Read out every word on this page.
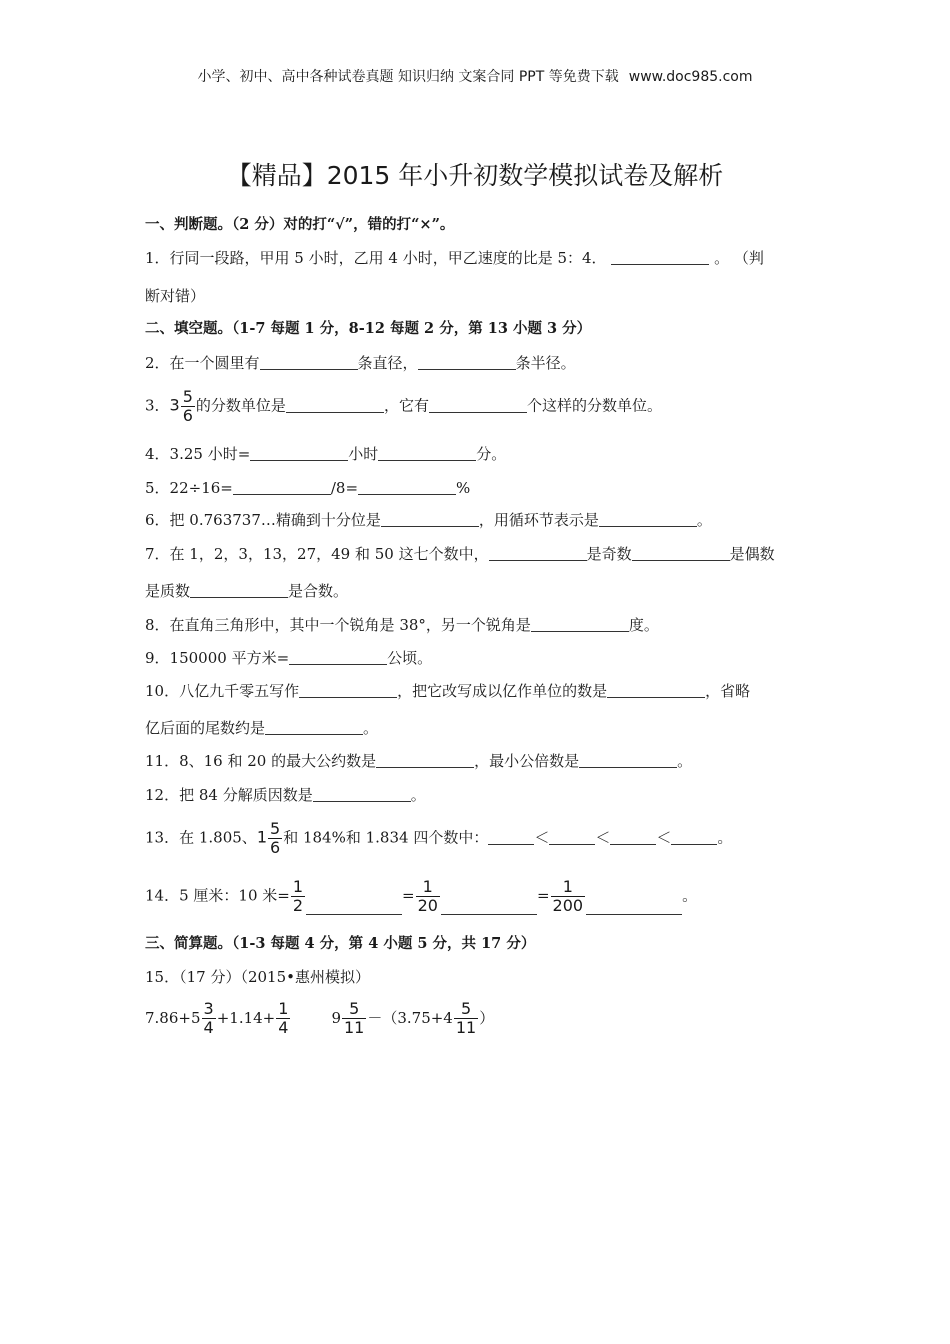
小学、初中、高中各种试卷真题 知识归纳 文案合同 PPT 等免费下载 www.doc985.com
【精品】2015 年小升初数学模拟试卷及解析
一、判断题。（2 分）对的打“√”，错的打“×”。
1．行同一段路，甲用 5 小时，乙用 4 小时，甲乙速度的比是 5：4．	。 （判
断对错）
二、填空题。（1-7 每题 1 分，8-12 每题 2 分，第 13 小题 3 分）
2．在一个圆里有	条直径，	条半径。
3．$3 \frac{5}{6}$ 的分数单位是	，它有	个这样的分数单位。
4．3.25 小时=	小时	分。
5．22÷16=	/8=	%
6．把 0.763737…精确到十分位是	，用循环节表示是	。
7．在 1，2，3，13，27，49 和 50 这七个数中，	是奇数	是偶数
是质数	是合数。
8．在直角三角形中，其中一个锐角是 38°，另一个锐角是	度。
9．150000 平方米=	公顷。
10．八亿九千零五写作	，把它改写成以亿作单位的数是	，省略
亿后面的尾数约是	。
11．8、16 和 20 的最大公约数是	，最小公倍数是	。
12．把 84 分解质因数是	。
13．在 1.805、$1 \frac{5}{6}$ 和 184%和 1.834 四个数中：	＜	＜	＜	。
14．5 厘米：10 米= $\frac{1}{2}$	= $\frac{1}{20}$	= $\frac{1}{200}$	。
三、简算题。（1-3 每题 4 分，第 4 小题 5 分，共 17 分）
15．（17 分）（2015•惠州模拟）
$7.86+5 \frac{3}{4} +1.14+ \frac{1}{4}$	$9 \frac{5}{11} -(3.75+4 \frac{5}{11}$ ）
